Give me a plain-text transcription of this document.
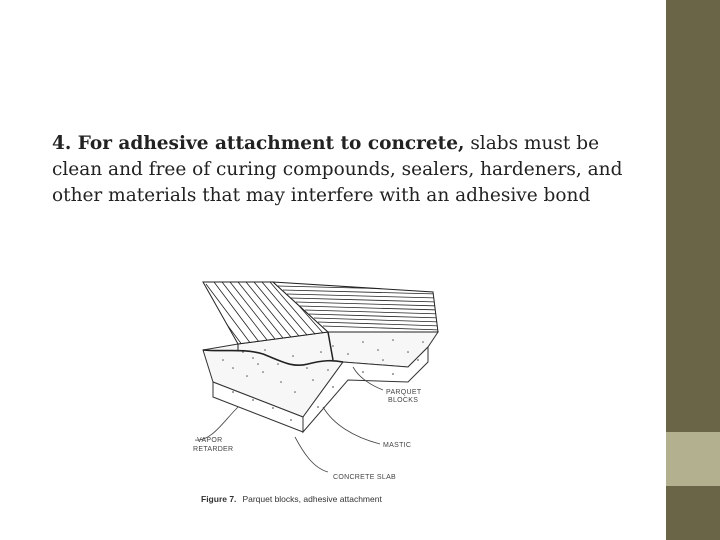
4. For adhesive attachment to concrete, slabs must be clean and free of curing compounds, sealers, hardeners, and other materials that may interfere with an adhesive bond
PARQUET
BLOCKS
MASTIC
VAPOR
RETARDER
CONCRETE SLAB
Figure 7. Parquet blocks, adhesive attachment
